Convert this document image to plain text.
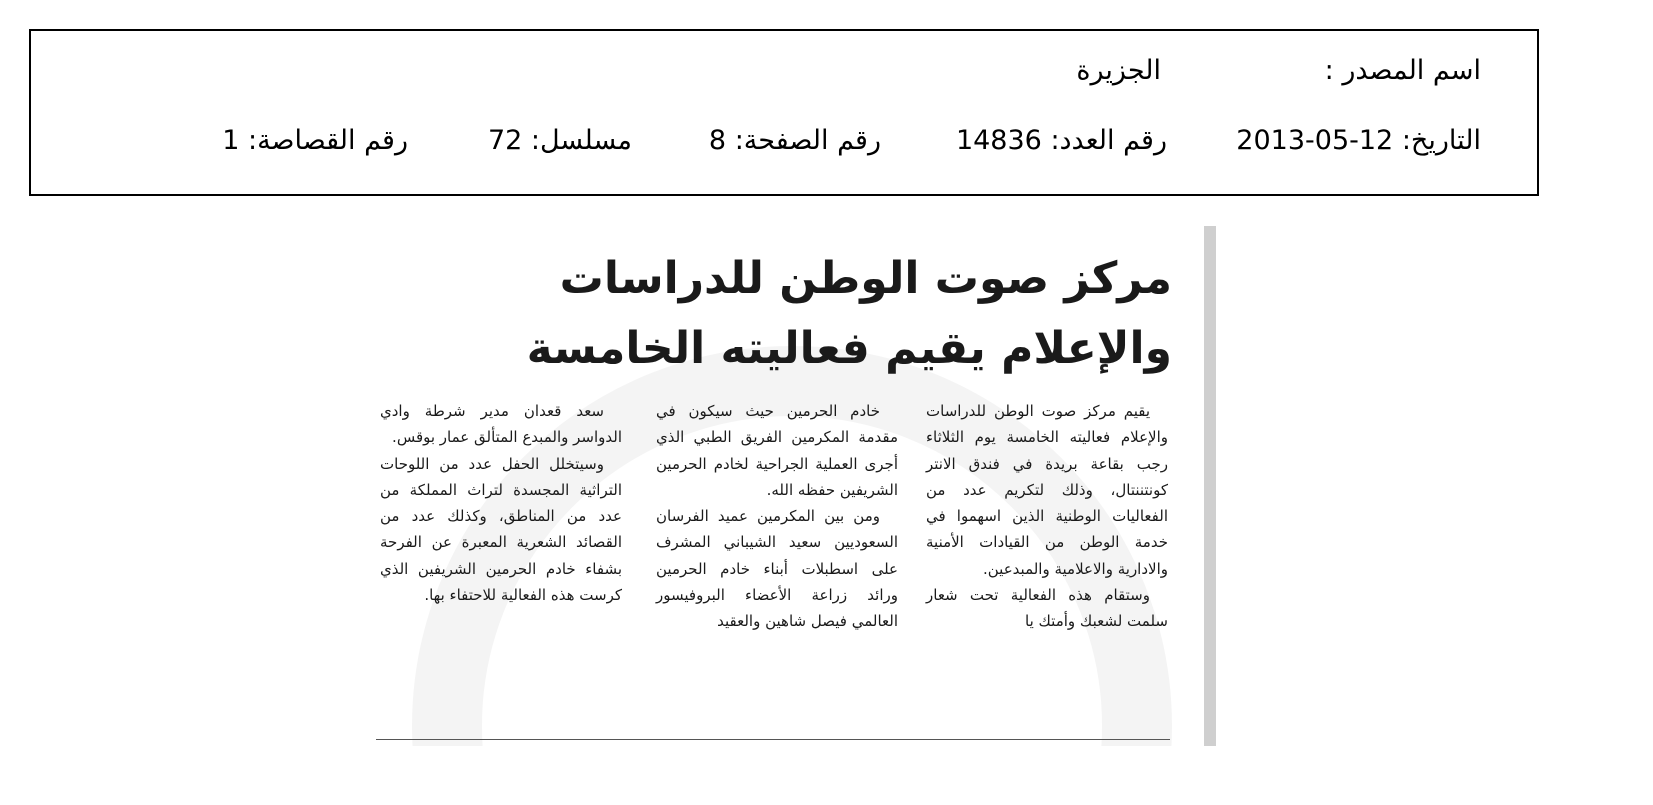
اسم المصدر :
الجزيرة
التاريخ: 12-05-2013
رقم العدد: 14836
رقم الصفحة: 8
مسلسل: 72
رقم القصاصة: 1
مركز صوت الوطن للدراسات والإعلام يقيم فعاليته الخامسة

يقيم مركز صوت الوطن للدراسات والإعلام فعاليته الخامسة يوم الثلاثاء رجب بقاعة بريدة في فندق الانتر كونتننتال، وذلك لتكريم عدد من الفعاليات الوطنية الذين اسهموا في خدمة الوطن من القيادات الأمنية والادارية والاعلامية والمبدعين.

وستقام هذه الفعالية تحت شعار سلمت لشعبك وأمتك يا

خادم الحرمين حيث سيكون في مقدمة المكرمين الفريق الطبي الذي أجرى العملية الجراحية لخادم الحرمين الشريفين حفظه الله.

ومن بين المكرمين عميد الفرسان السعوديين سعيد الشيباني المشرف على اسطبلات أبناء خادم الحرمين ورائد زراعة الأعضاء البروفيسور العالمي فيصل شاهين والعقيد

سعد قعدان مدير شرطة وادي الدواسر والمبدع المتألق عمار بوقس.

وسيتخلل الحفل عدد من اللوحات التراثية المجسدة لتراث المملكة من عدد من المناطق، وكذلك عدد من القصائد الشعرية المعبرة عن الفرحة بشفاء خادم الحرمين الشريفين الذي كرست هذه الفعالية للاحتفاء بها.
